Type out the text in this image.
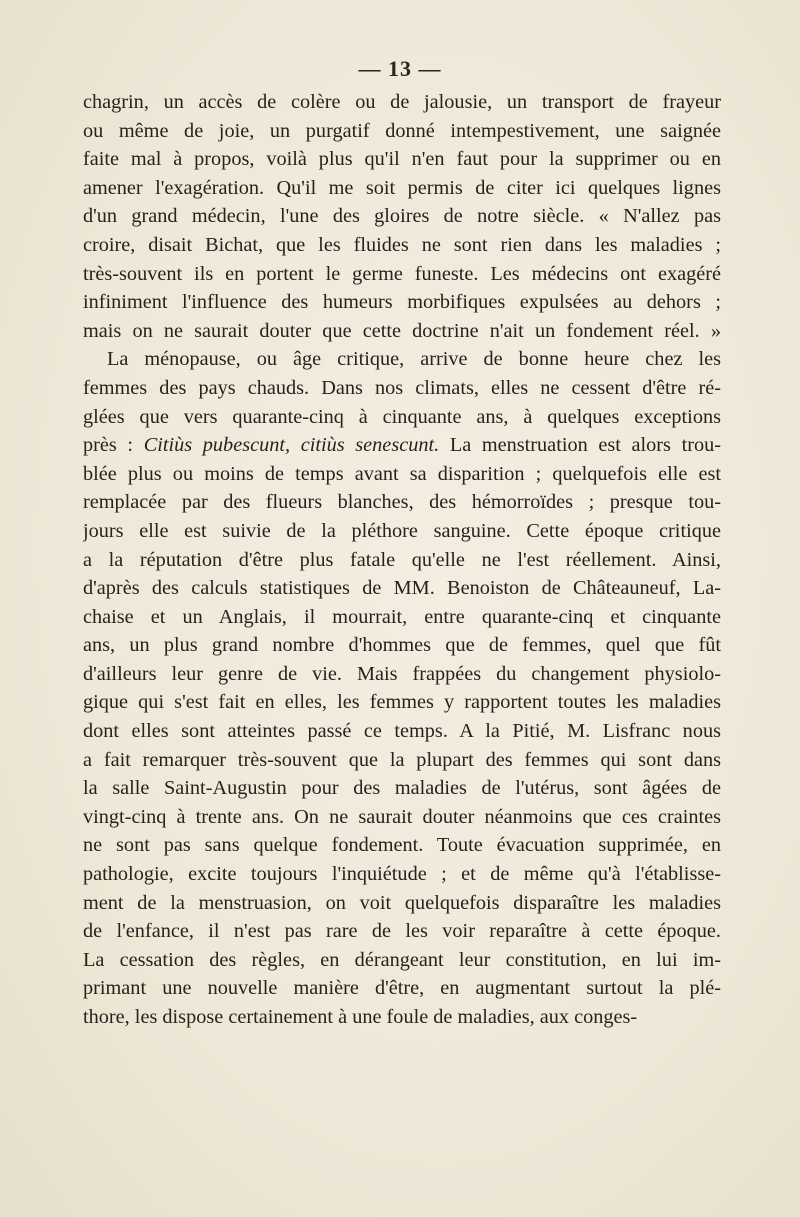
— 13 —
chagrin, un accès de colère ou de jalousie, un transport de frayeur
ou même de joie, un purgatif donné intempestivement, une saignée
faite mal à propos, voilà plus qu'il n'en faut pour la supprimer ou en
amener l'exagération. Qu'il me soit permis de citer ici quelques lignes
d'un grand médecin, l'une des gloires de notre siècle. « N'allez pas
croire, disait Bichat, que les fluides ne sont rien dans les maladies ;
très-souvent ils en portent le germe funeste. Les médecins ont exagéré
infiniment l'influence des humeurs morbifiques expulsées au dehors ;
mais on ne saurait douter que cette doctrine n'ait un fondement réel. »
La ménopause, ou âge critique, arrive de bonne heure chez les
femmes des pays chauds. Dans nos climats, elles ne cessent d'être ré-
glées que vers quarante-cinq à cinquante ans, à quelques exceptions
près : Citiùs pubescunt, citiùs senescunt. La menstruation est alors trou-
blée plus ou moins de temps avant sa disparition ; quelquefois elle est
remplacée par des flueurs blanches, des hémorroïdes ; presque tou-
jours elle est suivie de la pléthore sanguine. Cette époque critique
a la réputation d'être plus fatale qu'elle ne l'est réellement. Ainsi,
d'après des calculs statistiques de MM. Benoiston de Châteauneuf, La-
chaise et un Anglais, il mourrait, entre quarante-cinq et cinquante
ans, un plus grand nombre d'hommes que de femmes, quel que fût
d'ailleurs leur genre de vie. Mais frappées du changement physiolo-
gique qui s'est fait en elles, les femmes y rapportent toutes les maladies
dont elles sont atteintes passé ce temps. A la Pitié, M. Lisfranc nous
a fait remarquer très-souvent que la plupart des femmes qui sont dans
la salle Saint-Augustin pour des maladies de l'utérus, sont âgées de
vingt-cinq à trente ans. On ne saurait douter néanmoins que ces craintes
ne sont pas sans quelque fondement. Toute évacuation supprimée, en
pathologie, excite toujours l'inquiétude ; et de même qu'à l'établisse-
ment de la menstruasion, on voit quelquefois disparaître les maladies
de l'enfance, il n'est pas rare de les voir reparaître à cette époque.
La cessation des règles, en dérangeant leur constitution, en lui im-
primant une nouvelle manière d'être, en augmentant surtout la plé-
thore, les dispose certainement à une foule de maladies, aux conges-
